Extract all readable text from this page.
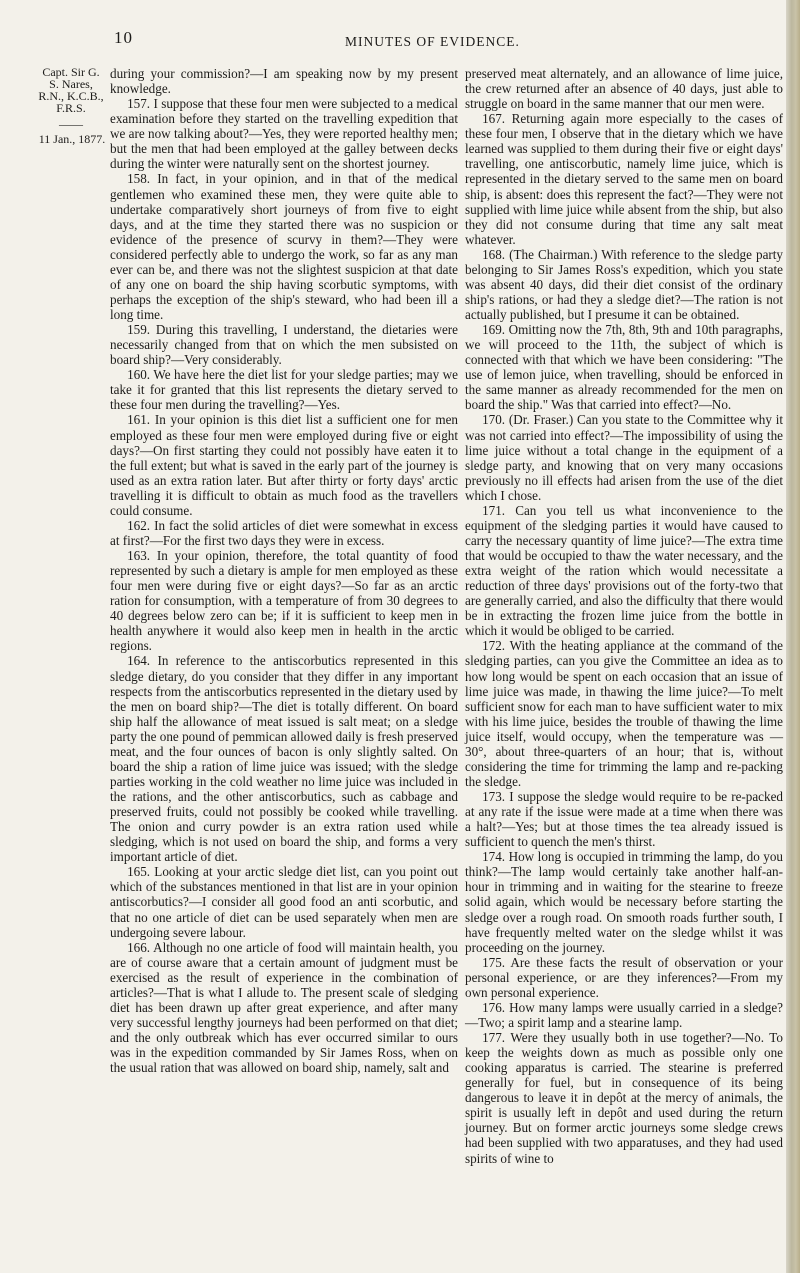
10	MINUTES OF EVIDENCE.
Capt. Sir G.
S. Nares,
R.N., K.C.B.,
F.R.S.
——
11 Jan., 1877.

during your commission?—I am speaking now by my present knowledge.

157. I suppose that these four men were subjected to a medical examination before they started on the travelling expedition that we are now talking about?—Yes, they were reported healthy men; but the men that had been employed at the galley between decks during the winter were naturally sent on the shortest journey.

158. In fact, in your opinion, and in that of the medical gentlemen who examined these men, they were quite able to undertake comparatively short journeys of from five to eight days, and at the time they started there was no suspicion or evidence of the presence of scurvy in them?—They were considered perfectly able to undergo the work, so far as any man ever can be, and there was not the slightest suspicion at that date of any one on board the ship having scorbutic symptoms, with perhaps the exception of the ship's steward, who had been ill a long time.

159. During this travelling, I understand, the dietaries were necessarily changed from that on which the men subsisted on board ship?—Very considerably.

160. We have here the diet list for your sledge parties; may we take it for granted that this list represents the dietary served to these four men during the travelling?—Yes.

161. In your opinion is this diet list a sufficient one for men employed as these four men were employed during five or eight days?—On first starting they could not possibly have eaten it to the full extent; but what is saved in the early part of the journey is used as an extra ration later. But after thirty or forty days' arctic travelling it is difficult to obtain as much food as the travellers could consume.

162. In fact the solid articles of diet were somewhat in excess at first?—For the first two days they were in excess.

163. In your opinion, therefore, the total quantity of food represented by such a dietary is ample for men employed as these four men were during five or eight days?—So far as an arctic ration for consumption, with a temperature of from 30 degrees to 40 degrees below zero can be; if it is sufficient to keep men in health anywhere it would also keep men in health in the arctic regions.

164. In reference to the antiscorbutics represented in this sledge dietary, do you consider that they differ in any important respects from the antiscorbutics represented in the dietary used by the men on board ship?—The diet is totally different. On board ship half the allowance of meat issued is salt meat; on a sledge party the one pound of pemmican allowed daily is fresh preserved meat, and the four ounces of bacon is only slightly salted. On board the ship a ration of lime juice was issued; with the sledge parties working in the cold weather no lime juice was included in the rations, and the other antiscorbutics, such as cabbage and preserved fruits, could not possibly be cooked while travelling. The onion and curry powder is an extra ration used while sledging, which is not used on board the ship, and forms a very important article of diet.

165. Looking at your arctic sledge diet list, can you point out which of the substances mentioned in that list are in your opinion antiscorbutics?—I consider all good food an anti scorbutic, and that no one article of diet can be used separately when men are undergoing severe labour.

166. Although no one article of food will maintain health, you are of course aware that a certain amount of judgment must be exercised as the result of experience in the combination of articles?—That is what I allude to. The present scale of sledging diet has been drawn up after great experience, and after many very successful lengthy journeys had been performed on that diet; and the only outbreak which has ever occurred similar to ours was in the expedition commanded by Sir James Ross, when on the usual ration that was allowed on board ship, namely, salt and

preserved meat alternately, and an allowance of lime juice, the crew returned after an absence of 40 days, just able to struggle on board in the same manner that our men were.

167. Returning again more especially to the cases of these four men, I observe that in the dietary which we have learned was supplied to them during their five or eight days' travelling, one antiscorbutic, namely lime juice, which is represented in the dietary served to the same men on board ship, is absent: does this represent the fact?—They were not supplied with lime juice while absent from the ship, but also they did not consume during that time any salt meat whatever.

168. (The Chairman.) With reference to the sledge party belonging to Sir James Ross's expedition, which you state was absent 40 days, did their diet consist of the ordinary ship's rations, or had they a sledge diet?—The ration is not actually published, but I presume it can be obtained.

169. Omitting now the 7th, 8th, 9th and 10th paragraphs, we will proceed to the 11th, the subject of which is connected with that which we have been considering: "The use of lemon juice, when travelling, should be enforced in the same manner as already recommended for the men on board the ship." Was that carried into effect?—No.

170. (Dr. Fraser.) Can you state to the Committee why it was not carried into effect?—The impossibility of using the lime juice without a total change in the equipment of a sledge party, and knowing that on very many occasions previously no ill effects had arisen from the use of the diet which I chose.

171. Can you tell us what inconvenience to the equipment of the sledging parties it would have caused to carry the necessary quantity of lime juice?—The extra time that would be occupied to thaw the water necessary, and the extra weight of the ration which would necessitate a reduction of three days' provisions out of the forty-two that are generally carried, and also the difficulty that there would be in extracting the frozen lime juice from the bottle in which it would be obliged to be carried.

172. With the heating appliance at the command of the sledging parties, can you give the Committee an idea as to how long would be spent on each occasion that an issue of lime juice was made, in thawing the lime juice?—To melt sufficient snow for each man to have sufficient water to mix with his lime juice, besides the trouble of thawing the lime juice itself, would occupy, when the temperature was — 30°, about three-quarters of an hour; that is, without considering the time for trimming the lamp and re-packing the sledge.

173. I suppose the sledge would require to be re-packed at any rate if the issue were made at a time when there was a halt?—Yes; but at those times the tea already issued is sufficient to quench the men's thirst.

174. How long is occupied in trimming the lamp, do you think?—The lamp would certainly take another half-an-hour in trimming and in waiting for the stearine to freeze solid again, which would be necessary before starting the sledge over a rough road. On smooth roads further south, I have frequently melted water on the sledge whilst it was proceeding on the journey.

175. Are these facts the result of observation or your personal experience, or are they inferences?—From my own personal experience.

176. How many lamps were usually carried in a sledge?—Two; a spirit lamp and a stearine lamp.

177. Were they usually both in use together?—No. To keep the weights down as much as possible only one cooking apparatus is carried. The stearine is preferred generally for fuel, but in consequence of its being dangerous to leave it in depôt at the mercy of animals, the spirit is usually left in depôt and used during the return journey. But on former arctic journeys some sledge crews had been supplied with two apparatuses, and they had used spirits of wine to
